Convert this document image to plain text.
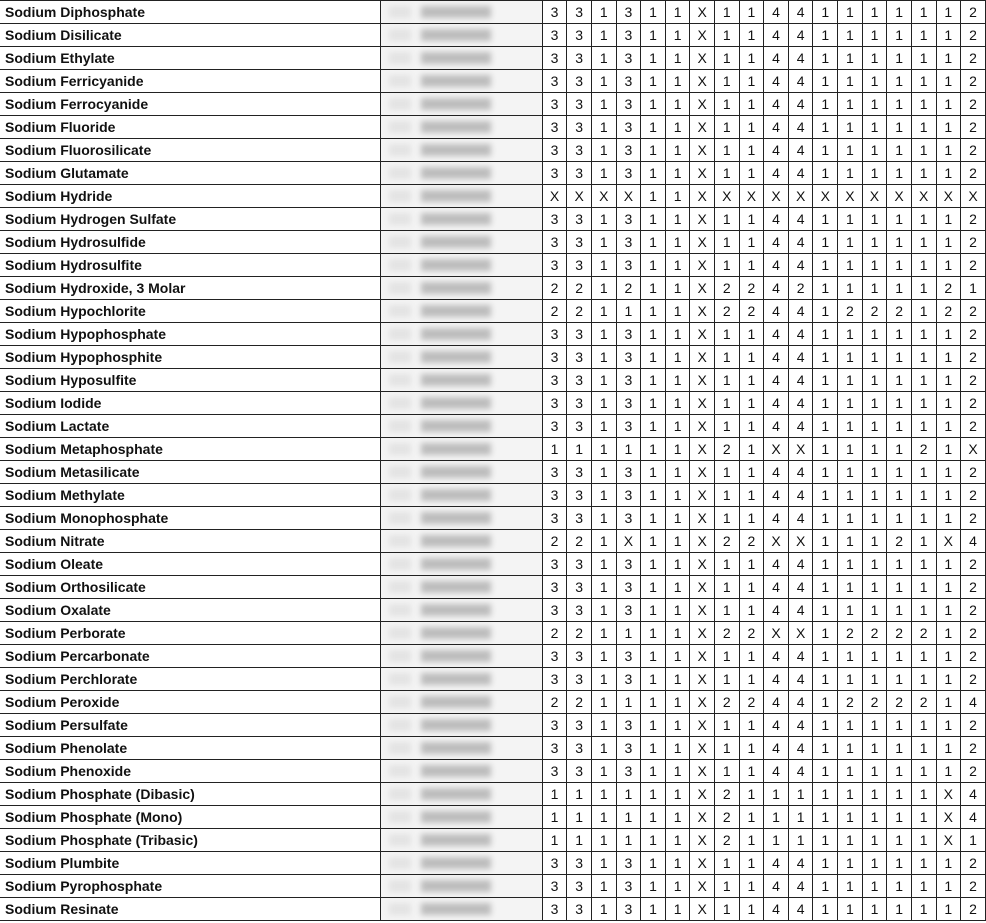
Sodium Diphosphate		3	3	1	3	1	1	X	1	1	4	4	1	1	1	1	1	1	2
Sodium Disilicate		3	3	1	3	1	1	X	1	1	4	4	1	1	1	1	1	1	2
Sodium Ethylate		3	3	1	3	1	1	X	1	1	4	4	1	1	1	1	1	1	2
Sodium Ferricyanide		3	3	1	3	1	1	X	1	1	4	4	1	1	1	1	1	1	2
Sodium Ferrocyanide		3	3	1	3	1	1	X	1	1	4	4	1	1	1	1	1	1	2
Sodium Fluoride		3	3	1	3	1	1	X	1	1	4	4	1	1	1	1	1	1	2
Sodium Fluorosilicate		3	3	1	3	1	1	X	1	1	4	4	1	1	1	1	1	1	2
Sodium Glutamate		3	3	1	3	1	1	X	1	1	4	4	1	1	1	1	1	1	2
Sodium Hydride		X	X	X	X	1	1	X	X	X	X	X	X	X	X	X	X	X	X
Sodium Hydrogen Sulfate		3	3	1	3	1	1	X	1	1	4	4	1	1	1	1	1	1	2
Sodium Hydrosulfide		3	3	1	3	1	1	X	1	1	4	4	1	1	1	1	1	1	2
Sodium Hydrosulfite		3	3	1	3	1	1	X	1	1	4	4	1	1	1	1	1	1	2
Sodium Hydroxide, 3 Molar		2	2	1	2	1	1	X	2	2	4	2	1	1	1	1	1	2	1
Sodium Hypochlorite		2	2	1	1	1	1	X	2	2	4	4	1	2	2	2	1	2	2
Sodium Hypophosphate		3	3	1	3	1	1	X	1	1	4	4	1	1	1	1	1	1	2
Sodium Hypophosphite		3	3	1	3	1	1	X	1	1	4	4	1	1	1	1	1	1	2
Sodium Hyposulfite		3	3	1	3	1	1	X	1	1	4	4	1	1	1	1	1	1	2
Sodium Iodide		3	3	1	3	1	1	X	1	1	4	4	1	1	1	1	1	1	2
Sodium Lactate		3	3	1	3	1	1	X	1	1	4	4	1	1	1	1	1	1	2
Sodium Metaphosphate		1	1	1	1	1	1	X	2	1	X	X	1	1	1	1	2	1	X
Sodium Metasilicate		3	3	1	3	1	1	X	1	1	4	4	1	1	1	1	1	1	2
Sodium Methylate		3	3	1	3	1	1	X	1	1	4	4	1	1	1	1	1	1	2
Sodium Monophosphate		3	3	1	3	1	1	X	1	1	4	4	1	1	1	1	1	1	2
Sodium Nitrate		2	2	1	X	1	1	X	2	2	X	X	1	1	1	2	1	X	4
Sodium Oleate		3	3	1	3	1	1	X	1	1	4	4	1	1	1	1	1	1	2
Sodium Orthosilicate		3	3	1	3	1	1	X	1	1	4	4	1	1	1	1	1	1	2
Sodium Oxalate		3	3	1	3	1	1	X	1	1	4	4	1	1	1	1	1	1	2
Sodium Perborate		2	2	1	1	1	1	X	2	2	X	X	1	2	2	2	2	1	2
Sodium Percarbonate		3	3	1	3	1	1	X	1	1	4	4	1	1	1	1	1	1	2
Sodium Perchlorate		3	3	1	3	1	1	X	1	1	4	4	1	1	1	1	1	1	2
Sodium Peroxide		2	2	1	1	1	1	X	2	2	4	4	1	2	2	2	2	1	4
Sodium Persulfate		3	3	1	3	1	1	X	1	1	4	4	1	1	1	1	1	1	2
Sodium Phenolate		3	3	1	3	1	1	X	1	1	4	4	1	1	1	1	1	1	2
Sodium Phenoxide		3	3	1	3	1	1	X	1	1	4	4	1	1	1	1	1	1	2
Sodium Phosphate (Dibasic)		1	1	1	1	1	1	X	2	1	1	1	1	1	1	1	1	X	4
Sodium Phosphate (Mono)		1	1	1	1	1	1	X	2	1	1	1	1	1	1	1	1	X	4
Sodium Phosphate (Tribasic)		1	1	1	1	1	1	X	2	1	1	1	1	1	1	1	1	X	1
Sodium Plumbite		3	3	1	3	1	1	X	1	1	4	4	1	1	1	1	1	1	2
Sodium Pyrophosphate		3	3	1	3	1	1	X	1	1	4	4	1	1	1	1	1	1	2
Sodium Resinate		3	3	1	3	1	1	X	1	1	4	4	1	1	1	1	1	1	2
